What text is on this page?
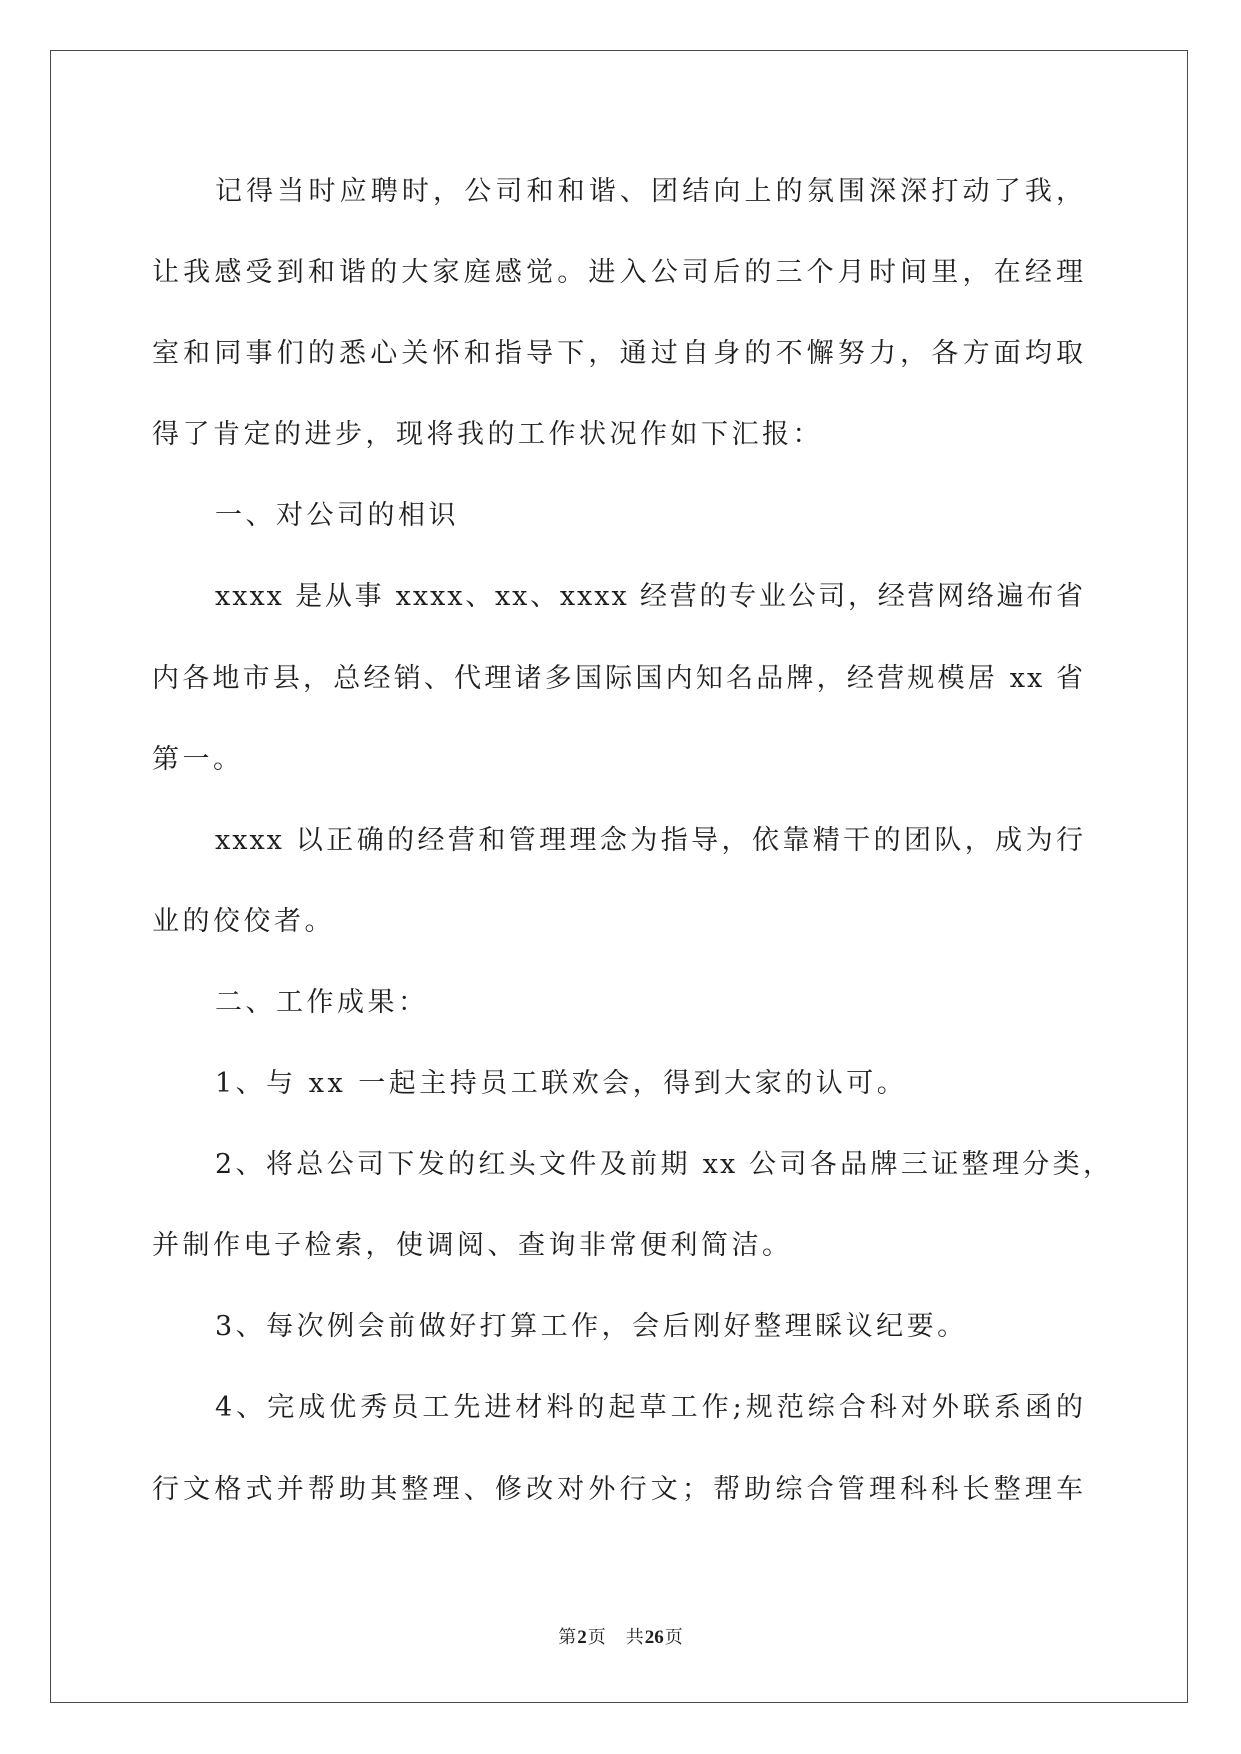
记得当时应聘时，公司和和谐、团结向上的氛围深深打动了我，
让我感受到和谐的大家庭感觉。进入公司后的三个月时间里，在经理
室和同事们的悉心关怀和指导下，通过自身的不懈努力，各方面均取
得了肯定的进步，现将我的工作状况作如下汇报：
一、对公司的相识
xxxx 是从事 xxxx、xx、xxxx 经营的专业公司，经营网络遍布省
内各地市县，总经销、代理诸多国际国内知名品牌，经营规模居 xx 省
第一。
xxxx 以正确的经营和管理理念为指导，依靠精干的团队，成为行
业的佼佼者。
二、工作成果：
1、与 xx 一起主持员工联欢会，得到大家的认可。
2、将总公司下发的红头文件及前期 xx 公司各品牌三证整理分类，
并制作电子检索，使调阅、查询非常便利简洁。
3、每次例会前做好打算工作，会后刚好整理睬议纪要。
4、完成优秀员工先进材料的起草工作;规范综合科对外联系函的
行文格式并帮助其整理、修改对外行文；帮助综合管理科科长整理车
第2页 共26页
